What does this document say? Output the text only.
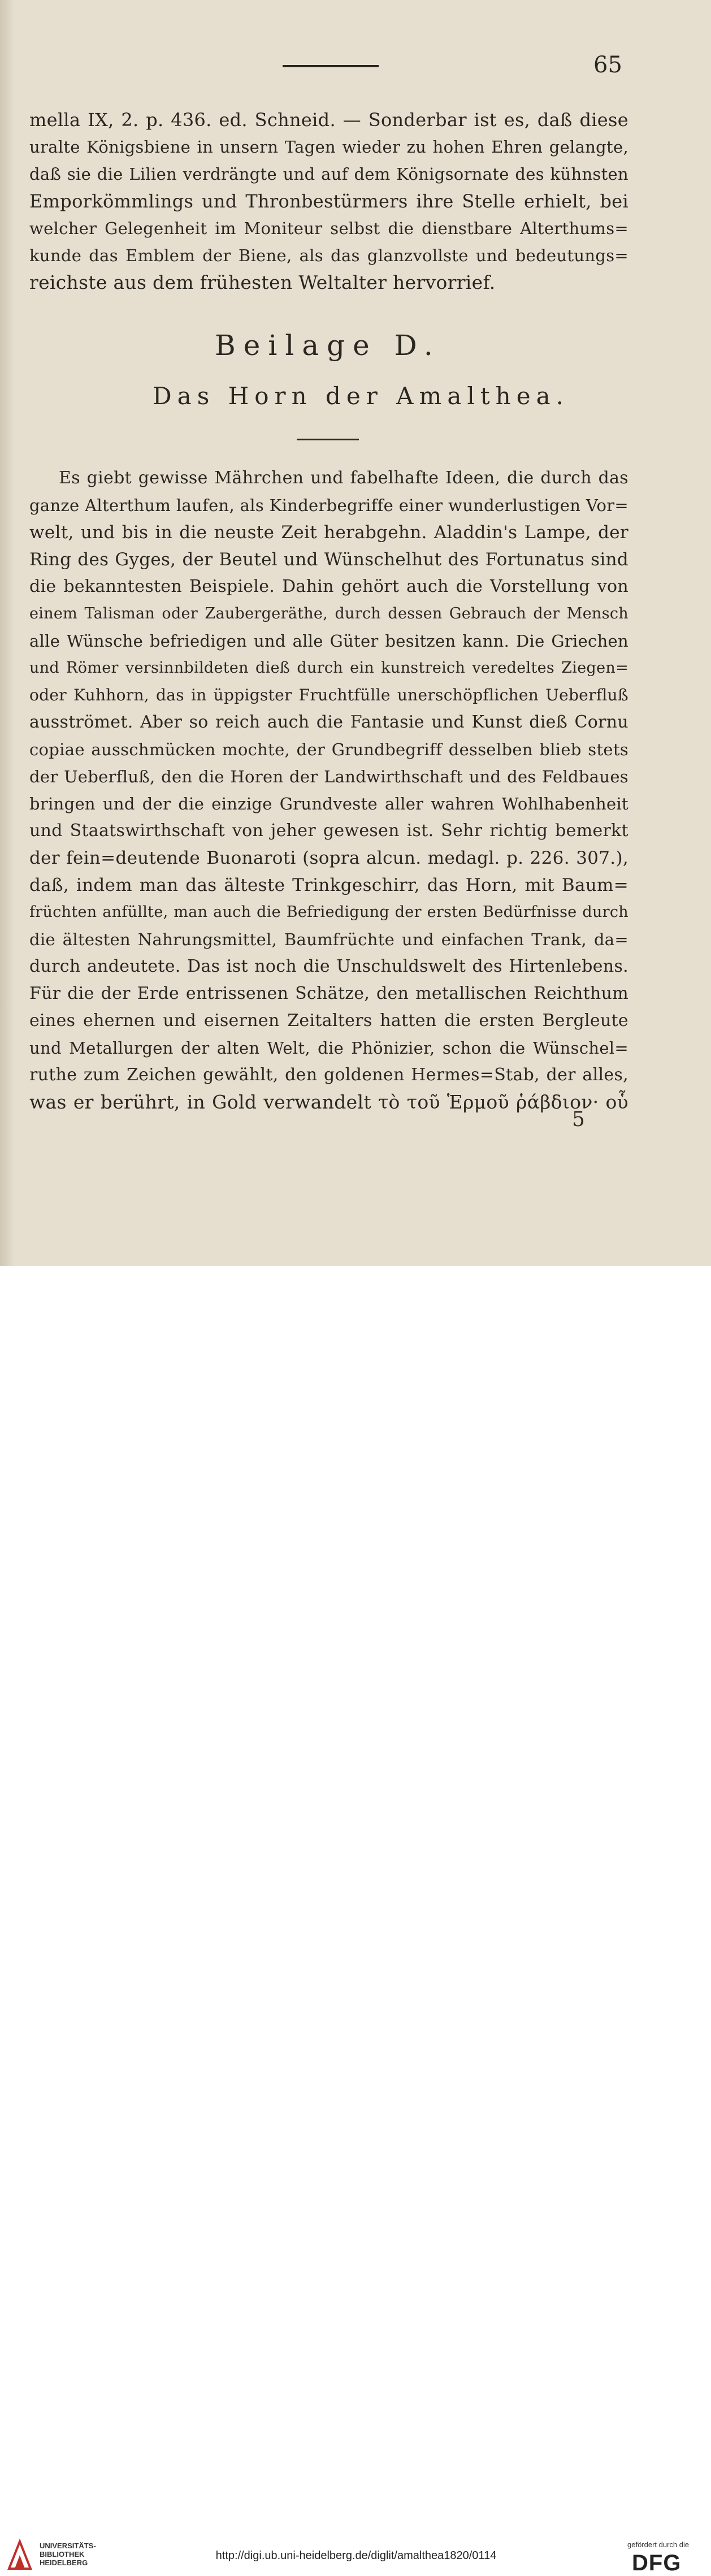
65
mella IX, 2. p. 436. ed. Schneid. — Sonderbar ist es, daß diese
uralte Königsbiene in unsern Tagen wieder zu hohen Ehren gelangte,
daß sie die Lilien verdrängte und auf dem Königsornate des kühnsten
Emporkömmlings und Thronbestürmers ihre Stelle erhielt, bei
welcher Gelegenheit im Moniteur selbst die dienstbare Alterthums=
kunde das Emblem der Biene, als das glanzvollste und bedeutungs=
reichste aus dem frühesten Weltalter hervorrief.
Beilage D.
Das Horn der Amalthea.
Es giebt gewisse Mährchen und fabelhafte Ideen, die durch das
ganze Alterthum laufen, als Kinderbegriffe einer wunderlustigen Vor=
welt, und bis in die neuste Zeit herabgehn. Aladdin's Lampe, der
Ring des Gyges, der Beutel und Wünschelhut des Fortunatus sind
die bekanntesten Beispiele. Dahin gehört auch die Vorstellung von
einem Talisman oder Zaubergeräthe, durch dessen Gebrauch der Mensch
alle Wünsche befriedigen und alle Güter besitzen kann. Die Griechen
und Römer versinnbildeten dieß durch ein kunstreich veredeltes Ziegen=
oder Kuhhorn, das in üppigster Fruchtfülle unerschöpflichen Ueberfluß
ausströmet. Aber so reich auch die Fantasie und Kunst dieß Cornu
copiae ausschmücken mochte, der Grundbegriff desselben blieb stets
der Ueberfluß, den die Horen der Landwirthschaft und des Feldbaues
bringen und der die einzige Grundveste aller wahren Wohlhabenheit
und Staatswirthschaft von jeher gewesen ist. Sehr richtig bemerkt
der fein=deutende Buonaroti (sopra alcun. medagl. p. 226. 307.),
daß, indem man das älteste Trinkgeschirr, das Horn, mit Baum=
früchten anfüllte, man auch die Befriedigung der ersten Bedürfnisse durch
die ältesten Nahrungsmittel, Baumfrüchte und einfachen Trank, da=
durch andeutete. Das ist noch die Unschuldswelt des Hirtenlebens.
Für die der Erde entrissenen Schätze, den metallischen Reichthum
eines ehernen und eisernen Zeitalters hatten die ersten Bergleute
und Metallurgen der alten Welt, die Phönizier, schon die Wünschel=
ruthe zum Zeichen gewählt, den goldenen Hermes=Stab, der alles,
was er berührt, in Gold verwandelt τὸ τοῦ Ἑρμοῦ ῥάβδιον· οὗ
5
UNIVERSITÄTS-
BIBLIOTHEK
HEIDELBERG
http://digi.ub.uni-heidelberg.de/diglit/amalthea1820/0114
gefördert durch die
DFG
